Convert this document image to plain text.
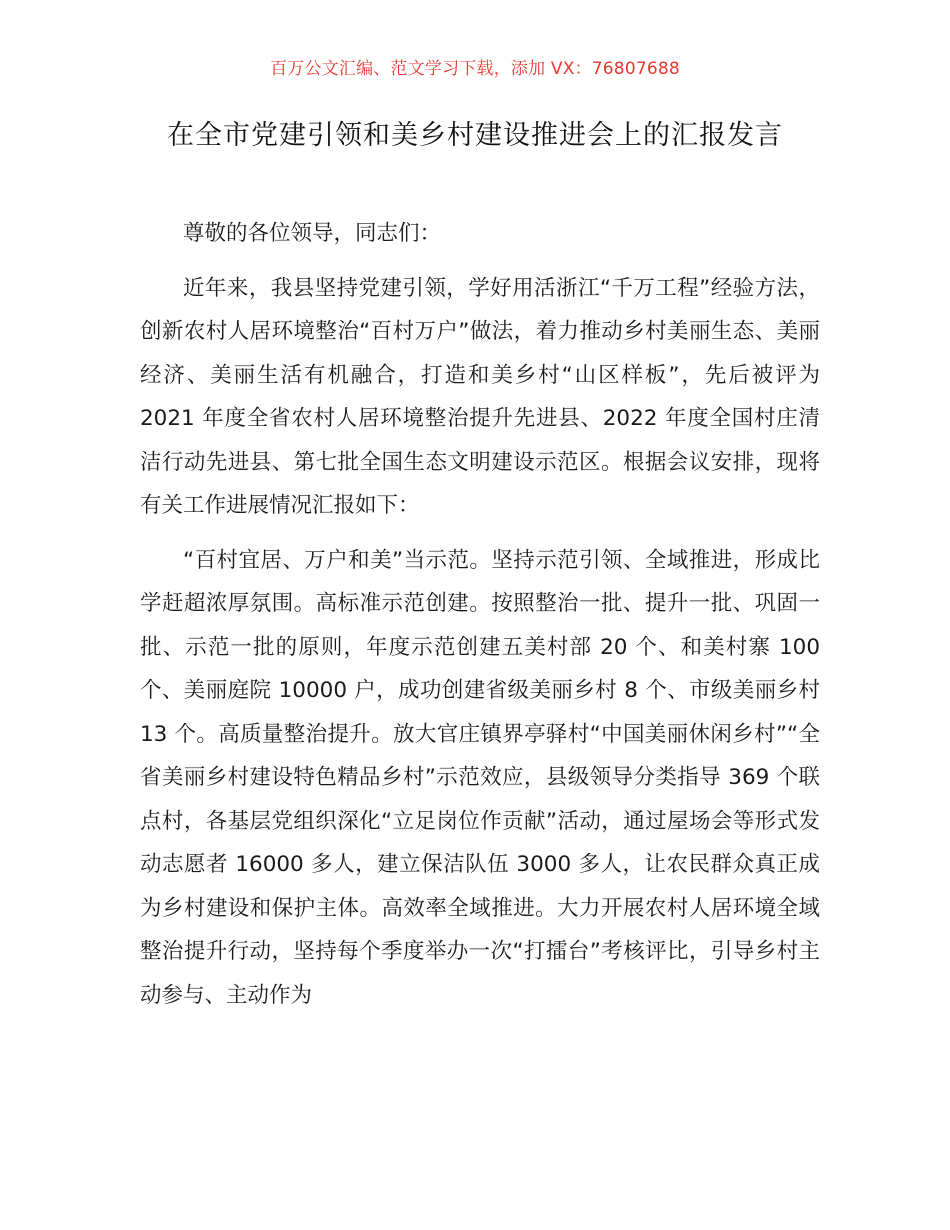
百万公文汇编、范文学习下载，添加 VX：76807688
在全市党建引领和美乡村建设推进会上的汇报发言

尊敬的各位领导，同志们：

近年来，我县坚持党建引领，学好用活浙江“千万工程”经验方法，创新农村人居环境整治“百村万户”做法，着力推动乡村美丽生态、美丽经济、美丽生活有机融合，打造和美乡村“山区样板”，先后被评为 2021 年度全省农村人居环境整治提升先进县、2022 年度全国村庄清洁行动先进县、第七批全国生态文明建设示范区。根据会议安排，现将有关工作进展情况汇报如下：

“百村宜居、万户和美”当示范。坚持示范引领、全域推进，形成比学赶超浓厚氛围。高标准示范创建。按照整治一批、提升一批、巩固一批、示范一批的原则，年度示范创建五美村部 20 个、和美村寨 100 个、美丽庭院 10000 户，成功创建省级美丽乡村 8 个、市级美丽乡村 13 个。高质量整治提升。放大官庄镇界亭驿村“中国美丽休闲乡村”“全省美丽乡村建设特色精品乡村”示范效应，县级领导分类指导 369 个联点村，各基层党组织深化“立足岗位作贡献”活动，通过屋场会等形式发动志愿者 16000 多人，建立保洁队伍 3000 多人，让农民群众真正成为乡村建设和保护主体。高效率全域推进。大力开展农村人居环境全域整治提升行动，坚持每个季度举办一次“打擂台”考核评比，引导乡村主动参与、主动作为
